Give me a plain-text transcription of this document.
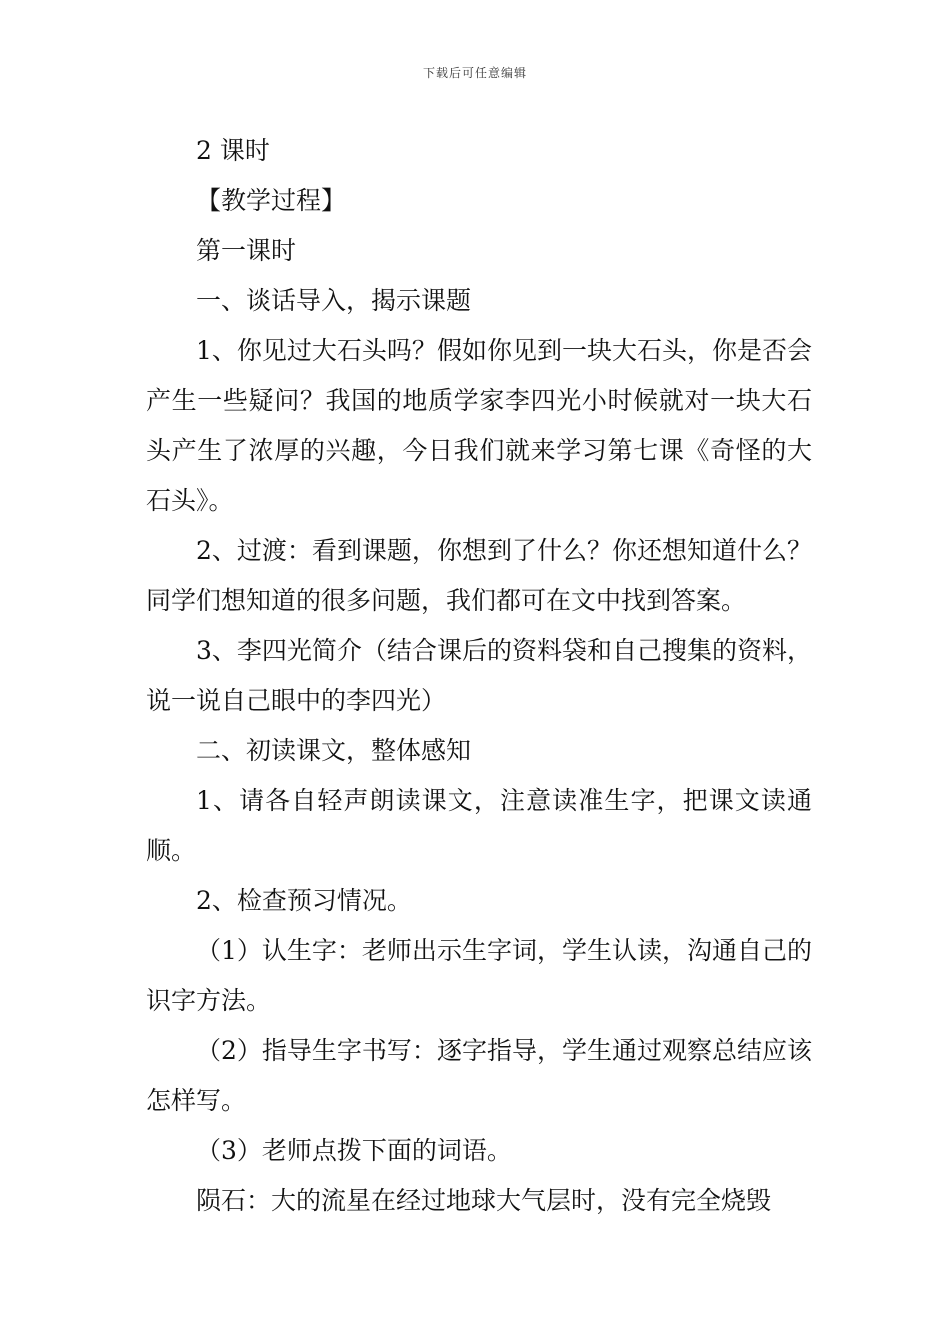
下载后可任意编辑

2 课时

【教学过程】

第一课时

一、谈话导入，揭示课题

1、你见过大石头吗？假如你见到一块大石头，你是否会产生一些疑问？我国的地质学家李四光小时候就对一块大石头产生了浓厚的兴趣，今日我们就来学习第七课《奇怪的大石头》。

2、过渡：看到课题，你想到了什么？你还想知道什么？同学们想知道的很多问题，我们都可在文中找到答案。

3、李四光简介（结合课后的资料袋和自己搜集的资料，说一说自己眼中的李四光）

二、初读课文，整体感知

1、请各自轻声朗读课文，注意读准生字，把课文读通顺。

2、检查预习情况。

（1）认生字：老师出示生字词，学生认读，沟通自己的识字方法。

（2）指导生字书写：逐字指导，学生通过观察总结应该怎样写。

（3）老师点拨下面的词语。

陨石：大的流星在经过地球大气层时，没有完全烧毁
